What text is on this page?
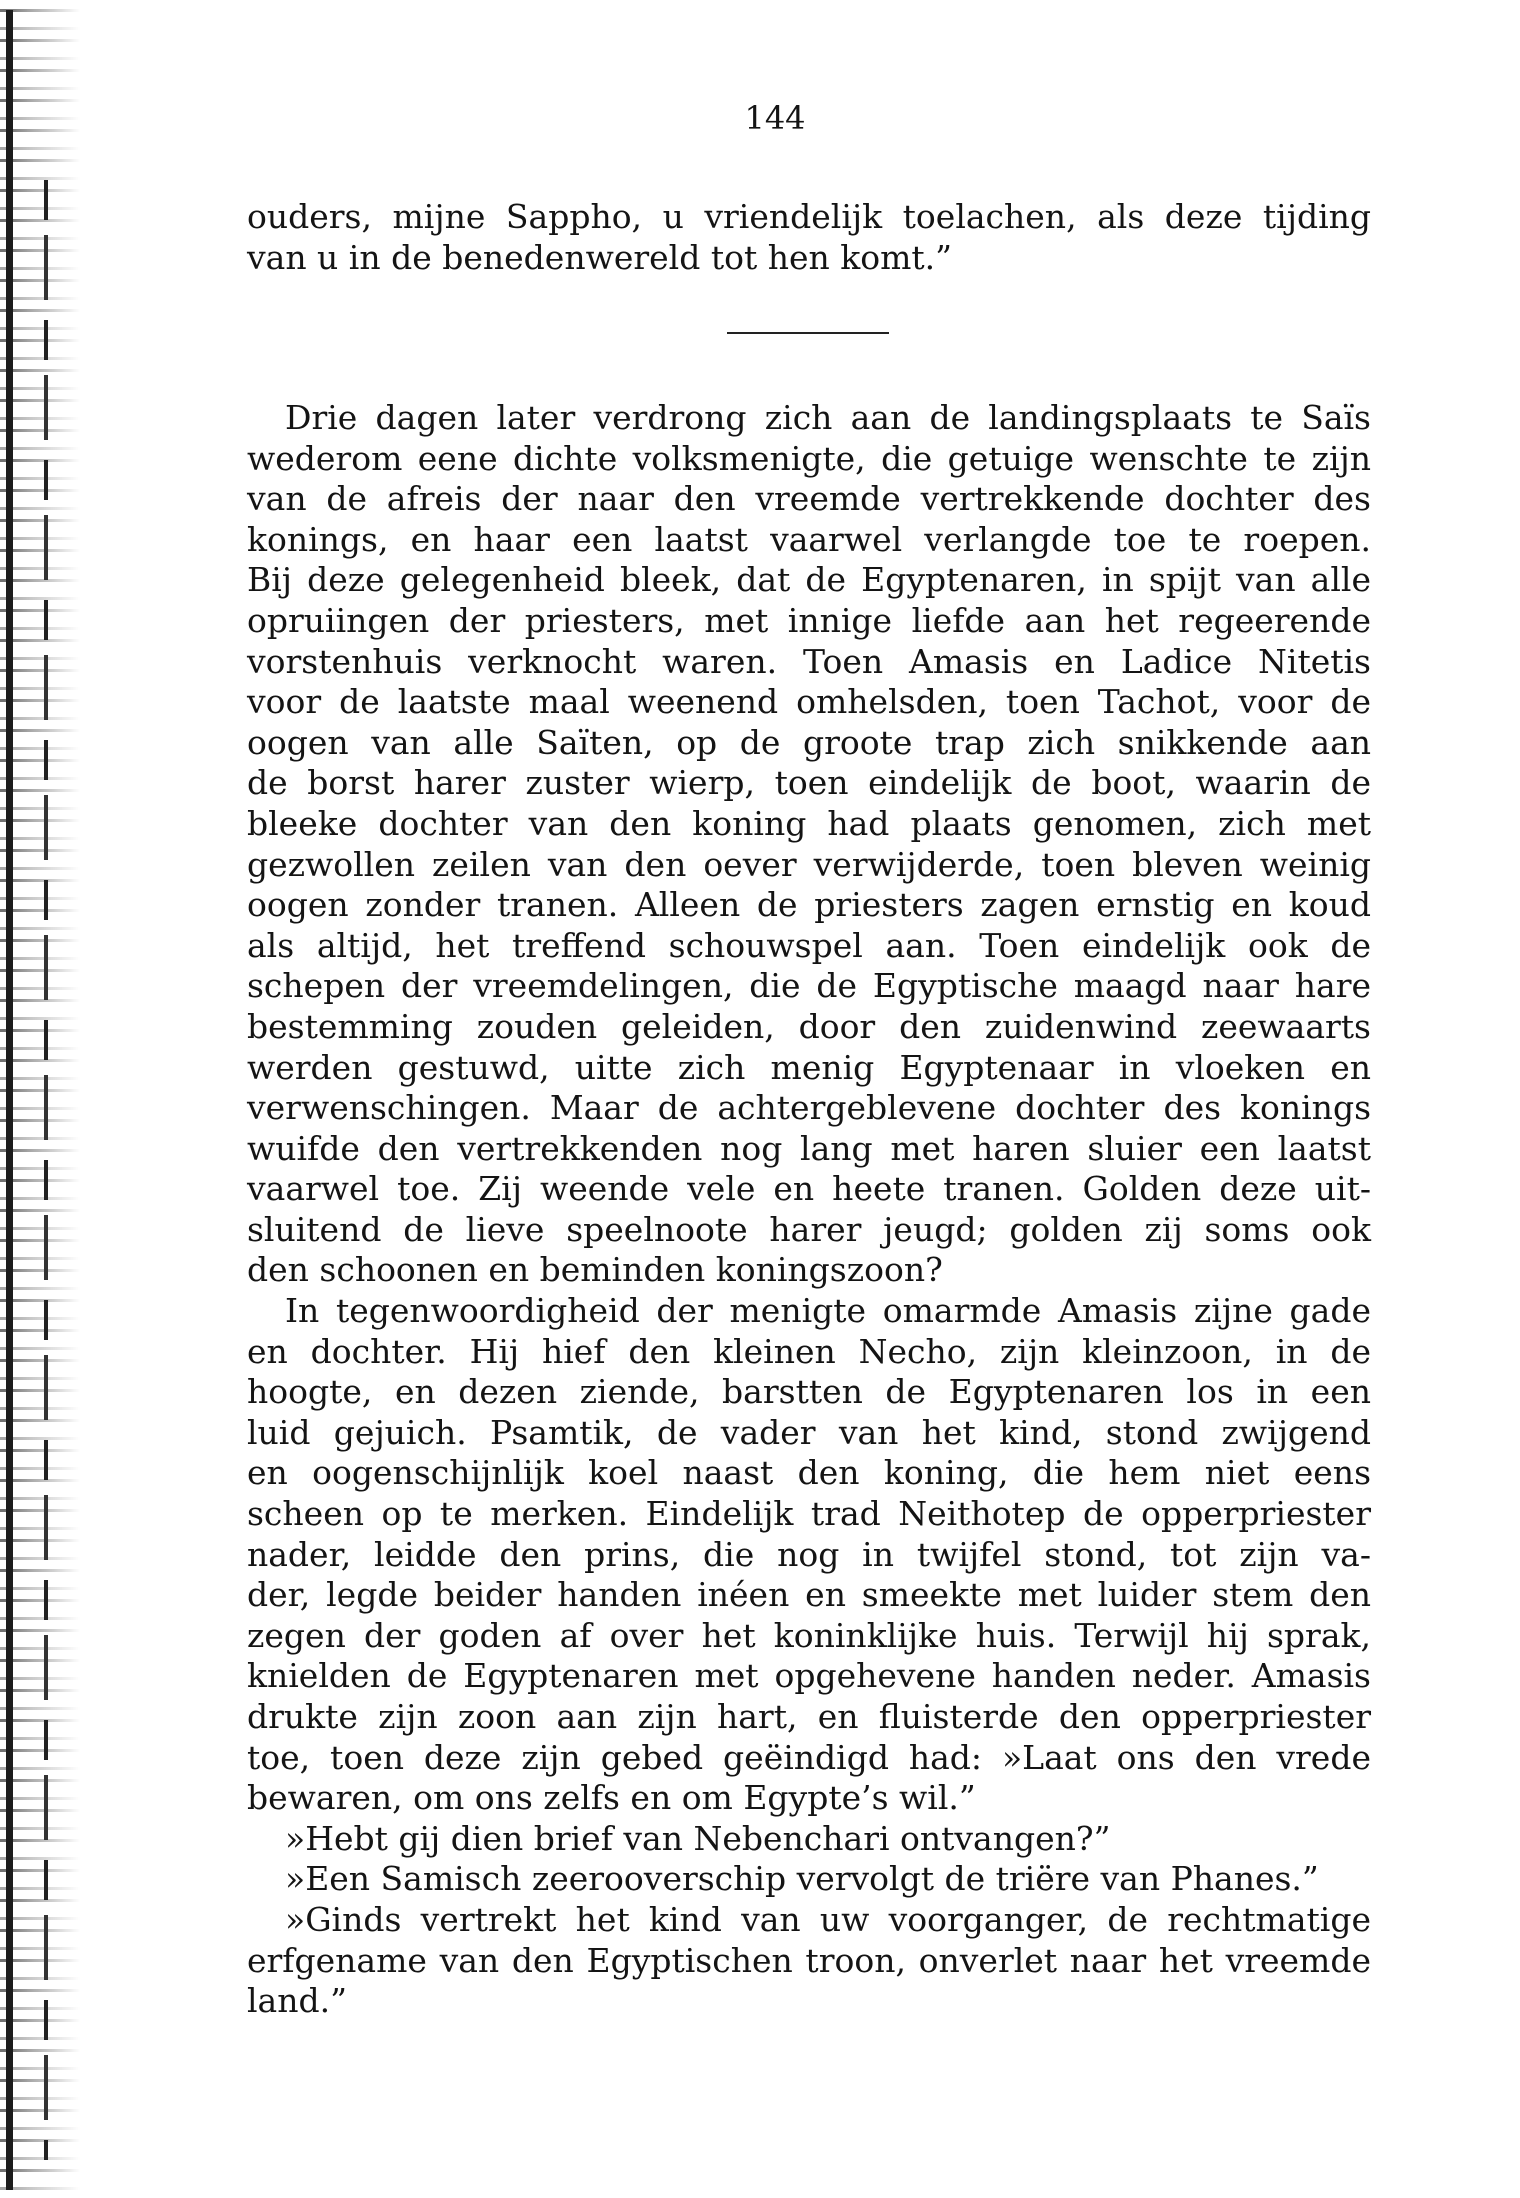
144
ouders, mijne Sappho, u vriendelijk toelachen, als deze tijding
van u in de benedenwereld tot hen komt.”
Drie dagen later verdrong zich aan de landingsplaats te Saïs
wederom eene dichte volksmenigte, die getuige wenschte te zijn
van de afreis der naar den vreemde vertrekkende dochter des
konings, en haar een laatst vaarwel verlangde toe te roepen.
Bij deze gelegenheid bleek, dat de Egyptenaren, in spijt van alle
opruiingen der priesters, met innige liefde aan het regeerende
vorstenhuis verknocht waren. Toen Amasis en Ladice Nitetis
voor de laatste maal weenend omhelsden, toen Tachot, voor de
oogen van alle Saïten, op de groote trap zich snikkende aan
de borst harer zuster wierp, toen eindelijk de boot, waarin de
bleeke dochter van den koning had plaats genomen, zich met
gezwollen zeilen van den oever verwijderde, toen bleven weinig
oogen zonder tranen. Alleen de priesters zagen ernstig en koud
als altijd, het treffend schouwspel aan. Toen eindelijk ook de
schepen der vreemdelingen, die de Egyptische maagd naar hare
bestemming zouden geleiden, door den zuidenwind zeewaarts
werden gestuwd, uitte zich menig Egyptenaar in vloeken en
verwenschingen. Maar de achtergeblevene dochter des konings
wuifde den vertrekkenden nog lang met haren sluier een laatst
vaarwel toe. Zij weende vele en heete tranen. Golden deze uit-
sluitend de lieve speelnoote harer jeugd; golden zij soms ook
den schoonen en beminden koningszoon?
In tegenwoordigheid der menigte omarmde Amasis zijne gade
en dochter. Hij hief den kleinen Necho, zijn kleinzoon, in de
hoogte, en dezen ziende, barstten de Egyptenaren los in een
luid gejuich. Psamtik, de vader van het kind, stond zwijgend
en oogenschijnlijk koel naast den koning, die hem niet eens
scheen op te merken. Eindelijk trad Neithotep de opperpriester
nader, leidde den prins, die nog in twijfel stond, tot zijn va-
der, legde beider handen inéen en smeekte met luider stem den
zegen der goden af over het koninklijke huis. Terwijl hij sprak,
knielden de Egyptenaren met opgehevene handen neder. Amasis
drukte zijn zoon aan zijn hart, en fluisterde den opperpriester
toe, toen deze zijn gebed geëindigd had: »Laat ons den vrede
bewaren, om ons zelfs en om Egypte’s wil.”
»Hebt gij dien brief van Nebenchari ontvangen?”
»Een Samisch zeerooverschip vervolgt de triëre van Phanes.”
»Ginds vertrekt het kind van uw voorganger, de rechtmatige
erfgename van den Egyptischen troon, onverlet naar het vreemde
land.”
